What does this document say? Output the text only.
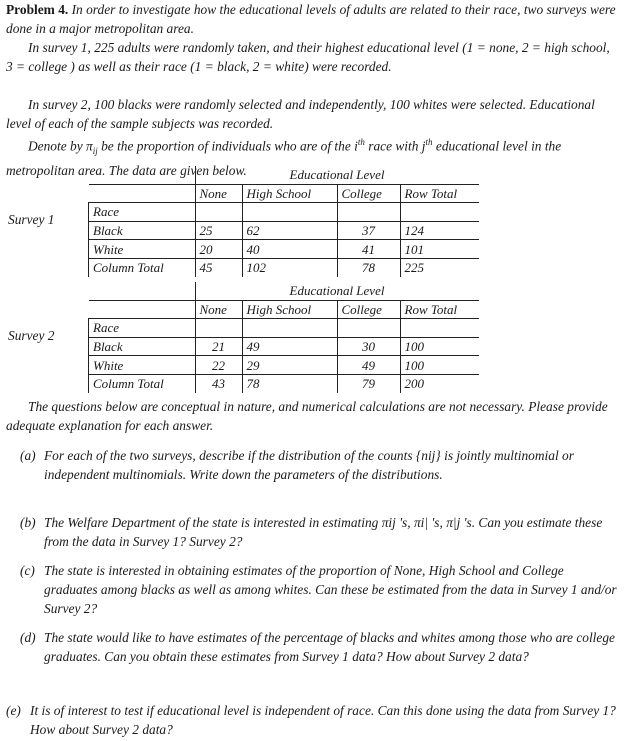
Problem 4. In order to investigate how the educational levels of adults are related to their race, two surveys were done in a major metropolitan area.
In survey 1, 225 adults were randomly taken, and their highest educational level (1 = none, 2 = high school, 3 = college ) as well as their race (1 = black, 2 = white) were recorded.
In survey 2, 100 blacks were randomly selected and independently, 100 whites were selected. Educational level of each of the sample subjects was recorded.
Denote by $\pi_{ij}$ be the proportion of individuals who are of the $i^{th}$ race with $j^{th}$ educational level in the metropolitan area. The data are given below.
Survey 1
	Educational Level			
	None	High School	College	Row Total
Race				
Black	25	62	37	124
White	20	40	41	101
Column Total	45	102	78	225
Survey 2
	Educational Level			
	None	High School	College	Row Total
Race				
Black	21	49	30	100
White	22	29	49	100
Column Total	43	78	79	200
The questions below are conceptual in nature, and numerical calculations are not necessary. Please provide adequate explanation for each answer.
(a) For each of the two surveys, describe if the distribution of the counts {nij} is jointly multinomial or independent multinomials. Write down the parameters of the distributions.
(b) The Welfare Department of the state is interested in estimating πij 's, πi| 's, π|j 's. Can you estimate these from the data in Survey 1? Survey 2?
(c) The state is interested in obtaining estimates of the proportion of None, High School and College graduates among blacks as well as among whites. Can these be estimated from the data in Survey 1 and/or Survey 2?
(d) The state would like to have estimates of the percentage of blacks and whites among those who are college graduates. Can you obtain these estimates from Survey 1 data? How about Survey 2 data?
(e) It is of interest to test if educational level is independent of race. Can this done using the data from Survey 1? How about Survey 2 data?
